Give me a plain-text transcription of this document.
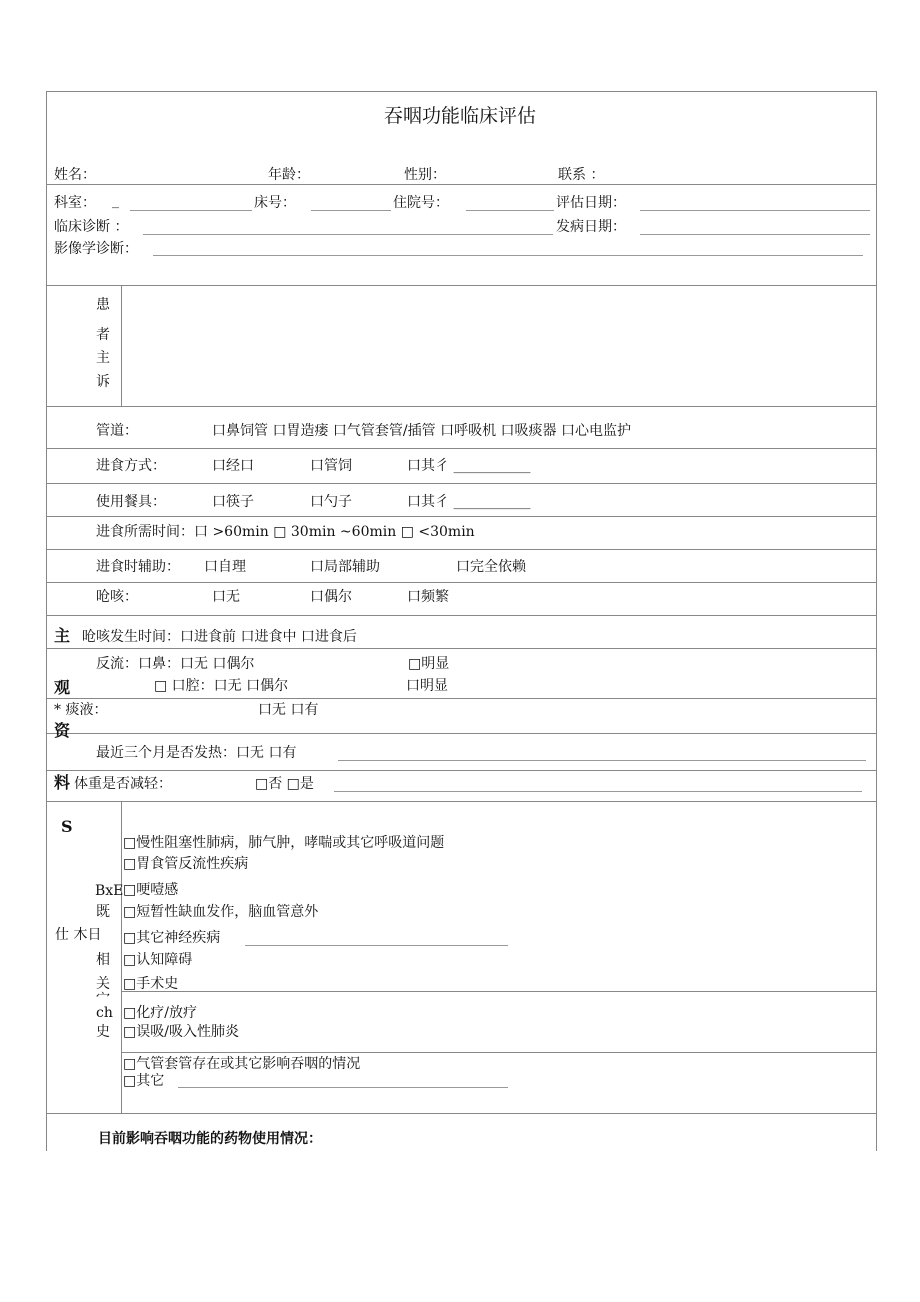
吞咽功能临床评估
姓名：	年龄：	性别：	联系 ：
科室： _	床号：	住院号：	评估日期：
临床诊断 ：	发病日期：
影像学诊断：
患
者
主
诉
管道：	口鼻饲管 口胃造瘘 口气管套管/插管 口呼吸机 口吸痰器 口心电监护
进食方式：	口经口	口管饲	口其彳 ___________
使用餐具：	口筷子	口勺子	口其彳 ___________
进食所需时间：口 >60min □ 30min ~60min □ <30min
进食时辅助： 口自理	口局部辅助	口完全依赖
呛咳：	口无	口偶尔	口频繁
主 呛咳发生时间：口进食前 口进食中 口进食后
反流：口鼻：口无 口偶尔	□明显
观	□ 口腔：口无 口偶尔	口明显
* 痰液：	口无 口有
资
最近三个月是否发热：口无 口有
料 体重是否减轻：	□否 □是
S
BxE
既
仕 木日
相
关
宀
ch
史
□慢性阻塞性肺病，肺气肿，哮喘或其它呼吸道问题
□胃食管反流性疾病
□哽噎感
□短暂性缺血发作，脑血管意外
□其它神经疾病
□认知障碍
□手术史
□化疗/放疗
□误吸/吸入性肺炎
□气管套管存在或其它影响吞咽的情况
□其它
目前影响吞咽功能的药物使用情况：
